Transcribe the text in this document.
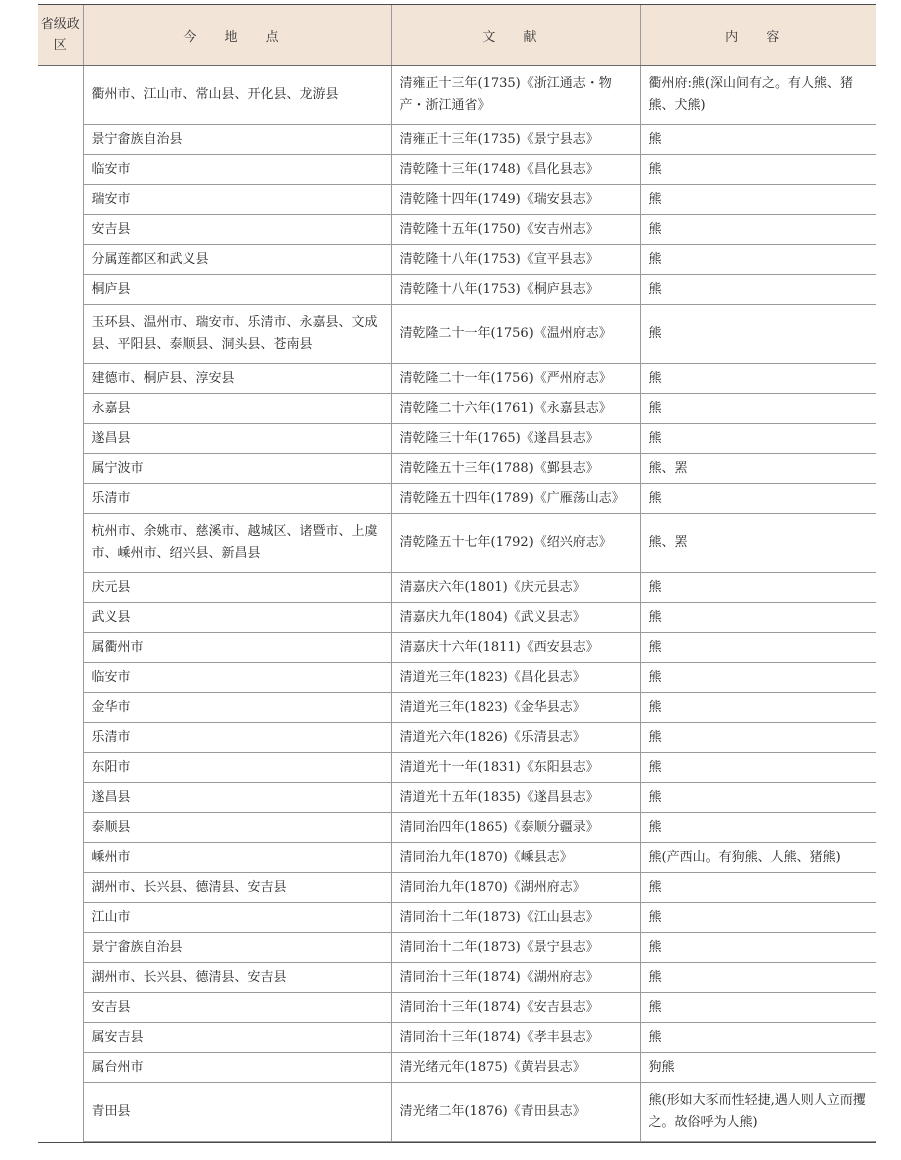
省级政区	今 地 点	文 献	内 容
	衢州市、江山市、常山县、开化县、龙游县	清雍正十三年(1735)《浙江通志・物产・浙江通省》	衢州府:熊(深山间有之。有人熊、猪熊、犬熊)
	景宁畲族自治县	清雍正十三年(1735)《景宁县志》	熊
	临安市	清乾隆十三年(1748)《昌化县志》	熊
	瑞安市	清乾隆十四年(1749)《瑞安县志》	熊
	安吉县	清乾隆十五年(1750)《安吉州志》	熊
	分属莲都区和武义县	清乾隆十八年(1753)《宣平县志》	熊
	桐庐县	清乾隆十八年(1753)《桐庐县志》	熊
	玉环县、温州市、瑞安市、乐清市、永嘉县、文成县、平阳县、泰顺县、洞头县、苍南县	清乾隆二十一年(1756)《温州府志》	熊
	建德市、桐庐县、淳安县	清乾隆二十一年(1756)《严州府志》	熊
	永嘉县	清乾隆二十六年(1761)《永嘉县志》	熊
	遂昌县	清乾隆三十年(1765)《遂昌县志》	熊
	属宁波市	清乾隆五十三年(1788)《鄞县志》	熊、罴
	乐清市	清乾隆五十四年(1789)《广雁荡山志》	熊
	杭州市、余姚市、慈溪市、越城区、诸暨市、上虞市、嵊州市、绍兴县、新昌县	清乾隆五十七年(1792)《绍兴府志》	熊、罴
	庆元县	清嘉庆六年(1801)《庆元县志》	熊
	武义县	清嘉庆九年(1804)《武义县志》	熊
	属衢州市	清嘉庆十六年(1811)《西安县志》	熊
	临安市	清道光三年(1823)《昌化县志》	熊
	金华市	清道光三年(1823)《金华县志》	熊
	乐清市	清道光六年(1826)《乐清县志》	熊
	东阳市	清道光十一年(1831)《东阳县志》	熊
	遂昌县	清道光十五年(1835)《遂昌县志》	熊
	泰顺县	清同治四年(1865)《泰顺分疆录》	熊
	嵊州市	清同治九年(1870)《嵊县志》	熊(产西山。有狗熊、人熊、猪熊)
	湖州市、长兴县、德清县、安吉县	清同治九年(1870)《湖州府志》	熊
	江山市	清同治十二年(1873)《江山县志》	熊
	景宁畲族自治县	清同治十二年(1873)《景宁县志》	熊
	湖州市、长兴县、德清县、安吉县	清同治十三年(1874)《湖州府志》	熊
	安吉县	清同治十三年(1874)《安吉县志》	熊
	属安吉县	清同治十三年(1874)《孝丰县志》	熊
	属台州市	清光绪元年(1875)《黄岩县志》	狗熊
	青田县	清光绪二年(1876)《青田县志》	熊(形如大豕而性轻捷,遇人则人立而攫之。故俗呼为人熊)
